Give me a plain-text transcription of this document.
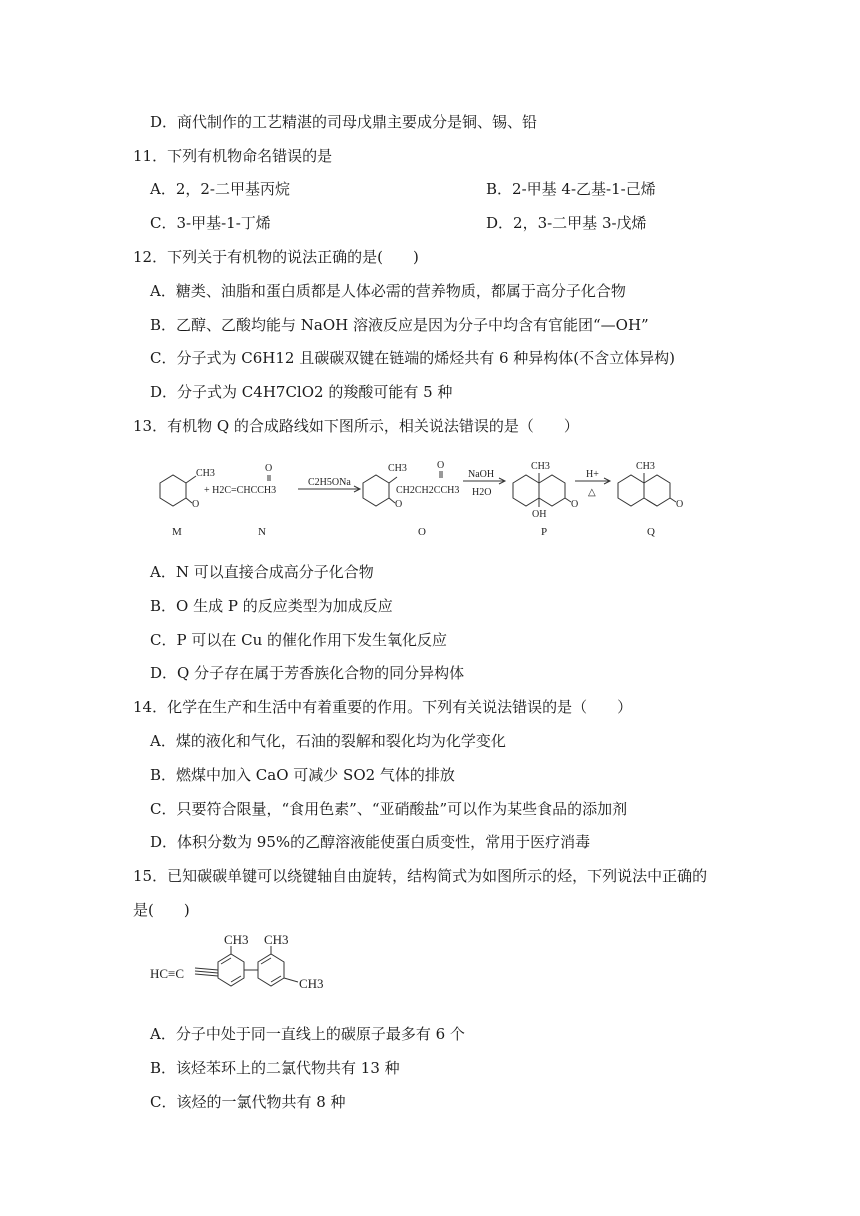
D．商代制作的工艺精湛的司母戊鼎主要成分是铜、锡、铅
11．下列有机物命名错误的是
A．2，2-二甲基丙烷	B．2-甲基 4-乙基-1-己烯
C．3-甲基-1-丁烯	D．2，3-二甲基 3-戊烯
12．下列关于有机物的说法正确的是(　　)
A．糖类、油脂和蛋白质都是人体必需的营养物质，都属于高分子化合物
B．乙醇、乙酸均能与 NaOH 溶液反应是因为分子中均含有官能团“—OH”
C．分子式为 C6H12 且碳碳双键在链端的烯烃共有 6 种异构体(不含立体异构)
D．分子式为 C4H7ClO2 的羧酸可能有 5 种
13．有机物 Q 的合成路线如下图所示，相关说法错误的是（　　）
CH3
O
+ H2C=CHCCH3
O
C2H5ONa
CH3
O
CH2CH2CCH3
O
NaOH
H2O
CH3
OH
O
H+
△
CH3
O
M	N	O	P	Q
A．N 可以直接合成高分子化合物
B．O 生成 P 的反应类型为加成反应
C．P 可以在 Cu 的催化作用下发生氧化反应
D．Q 分子存在属于芳香族化合物的同分异构体
14．化学在生产和生活中有着重要的作用。下列有关说法错误的是（　　）
A．煤的液化和气化，石油的裂解和裂化均为化学变化
B．燃煤中加入 CaO 可减少 SO2 气体的排放
C．只要符合限量，“食用色素”、“亚硝酸盐”可以作为某些食品的添加剂
D．体积分数为 95%的乙醇溶液能使蛋白质变性，常用于医疗消毒
15．已知碳碳单键可以绕键轴自由旋转，结构简式为如图所示的烃，下列说法中正确的
是(　　)
CH3 CH3
CH3
HC≡C
A．分子中处于同一直线上的碳原子最多有 6 个
B．该烃苯环上的二氯代物共有 13 种
C．该烃的一氯代物共有 8 种
